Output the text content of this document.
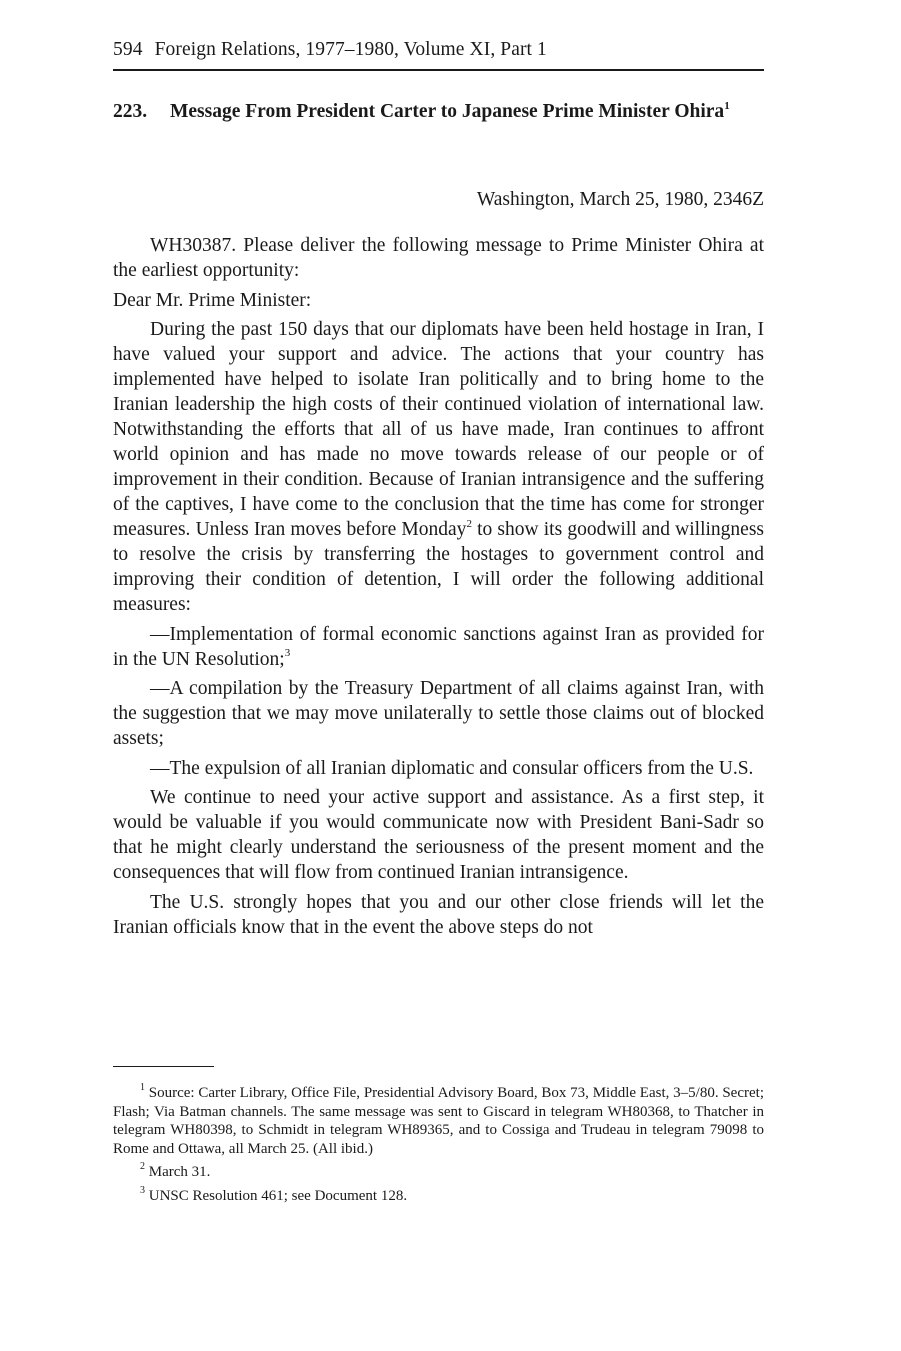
594 Foreign Relations, 1977–1980, Volume XI, Part 1
223. Message From President Carter to Japanese Prime Minister Ohira$^1$
Washington, March 25, 1980, 2346Z

WH30387. Please deliver the following message to Prime Minister Ohira at the earliest opportunity:

Dear Mr. Prime Minister:

During the past 150 days that our diplomats have been held hostage in Iran, I have valued your support and advice. The actions that your country has implemented have helped to isolate Iran politically and to bring home to the Iranian leadership the high costs of their continued violation of international law. Notwithstanding the efforts that all of us have made, Iran continues to affront world opinion and has made no move towards release of our people or of improvement in their condition. Because of Iranian intransigence and the suffering of the captives, I have come to the conclusion that the time has come for stronger measures. Unless Iran moves before Monday$^2$ to show its goodwill and willingness to resolve the crisis by transferring the hostages to government control and improving their condition of detention, I will order the following additional measures:

—Implementation of formal economic sanctions against Iran as provided for in the UN Resolution;$^3$

—A compilation by the Treasury Department of all claims against Iran, with the suggestion that we may move unilaterally to settle those claims out of blocked assets;

—The expulsion of all Iranian diplomatic and consular officers from the U.S.

We continue to need your active support and assistance. As a first step, it would be valuable if you would communicate now with President Bani-Sadr so that he might clearly understand the seriousness of the present moment and the consequences that will flow from continued Iranian intransigence.

The U.S. strongly hopes that you and our other close friends will let the Iranian officials know that in the event the above steps do not

$^1$ Source: Carter Library, Office File, Presidential Advisory Board, Box 73, Middle East, 3–5/80. Secret; Flash; Via Batman channels. The same message was sent to Giscard in telegram WH80368, to Thatcher in telegram WH80398, to Schmidt in telegram WH89365, and to Cossiga and Trudeau in telegram 79098 to Rome and Ottawa, all March 25. (All ibid.)

$^2$ March 31.

$^3$ UNSC Resolution 461; see Document 128.
